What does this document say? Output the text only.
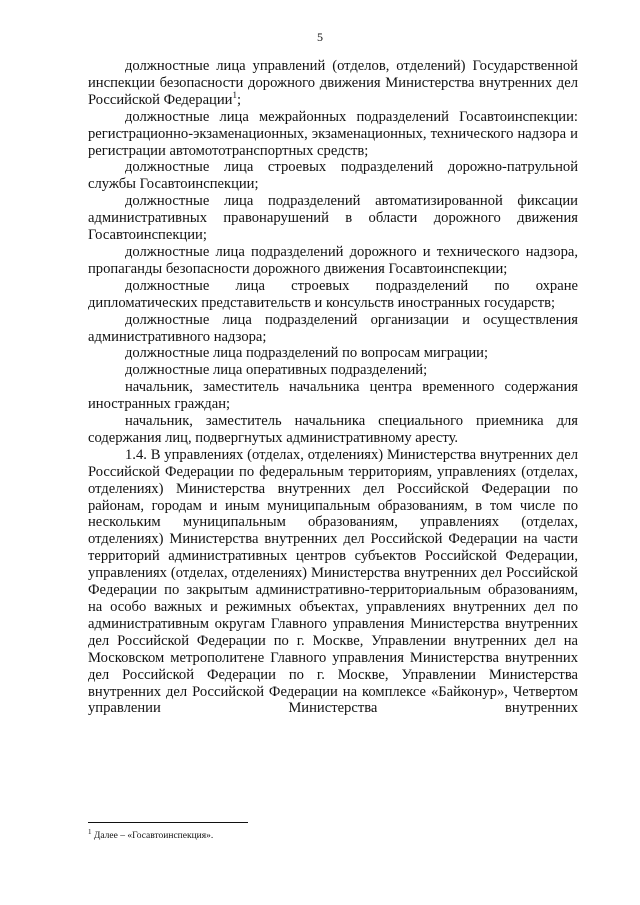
5

должностные лица управлений (отделов, отделений) Государственной инспекции безопасности дорожного движения Министерства внутренних дел Российской Федерации$^1$;

должностные лица межрайонных подразделений Госавтоинспекции: регистрационно-экзаменационных, экзаменационных, технического надзора и регистрации автомототранспортных средств;

должностные лица строевых подразделений дорожно-патрульной службы Госавтоинспекции;

должностные лица подразделений автоматизированной фиксации административных правонарушений в области дорожного движения Госавтоинспекции;

должностные лица подразделений дорожного и технического надзора, пропаганды безопасности дорожного движения Госавтоинспекции;

должностные лица строевых подразделений по охране дипломатических представительств и консульств иностранных государств;

должностные лица подразделений организации и осуществления административного надзора;

должностные лица подразделений по вопросам миграции;

должностные лица оперативных подразделений;

начальник, заместитель начальника центра временного содержания иностранных граждан;

начальник, заместитель начальника специального приемника для содержания лиц, подвергнутых административному аресту.

1.4. В управлениях (отделах, отделениях) Министерства внутренних дел Российской Федерации по федеральным территориям, управлениях (отделах, отделениях) Министерства внутренних дел Российской Федерации по районам, городам и иным муниципальным образованиям, в том числе по нескольким муниципальным образованиям, управлениях (отделах, отделениях) Министерства внутренних дел Российской Федерации на части территорий административных центров субъектов Российской Федерации, управлениях (отделах, отделениях) Министерства внутренних дел Российской Федерации по закрытым административно-территориальным образованиям, на особо важных и режимных объектах, управлениях внутренних дел по административным округам Главного управления Министерства внутренних дел Российской Федерации по г. Москве, Управлении внутренних дел на Московском метрополитене Главного управления Министерства внутренних дел Российской Федерации по г. Москве, Управлении Министерства внутренних дел Российской Федерации на комплексе «Байконур», Четвертом управлении Министерства внутренних

$^1$ Далее – «Госавтоинспекция».
